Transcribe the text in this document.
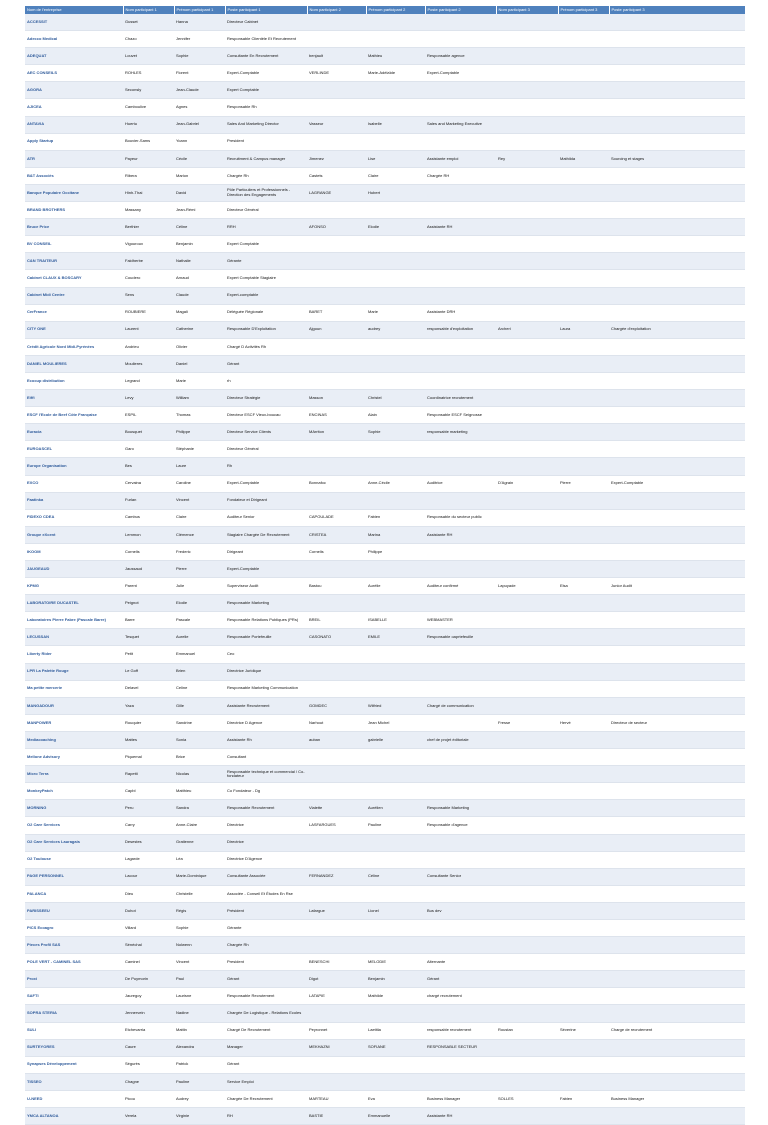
Nom de l'entreprise	Nom participant 1	Prénom participant 1	Poste participant 1	Nom participant 2	Prénom participant 2	Poste participant 2	Nom participant 3	Prénom participant 3	Poste participant 3
ACCESSIT	Gusset	Hanna	Directeur Cabinet						
Adecco Medical	Chazo	Jennifer	Responsable Clientèle Et Recrutement						
ADEQUAT	Louvet	Sophie	Consultante En Recrutement	benjault	Mathieu	Responsable agence			
AEC CONSEILS	ROHLES	Florent	Expert-Comptable	VERLINDE	Marie-Adélaïde	Expert-Comptable			
AGORA	Seconsly	Jean-Claude	Expert Comptable						
AJICEA	Camboulive	Agnes	Responsable Rh						
ANTAVIA	Huertu	Jean-Gabriel	Sales And Marketing Director	Vasseur	Isabelle	Sales and Marketing Executive			
Apply Startup	Bouvier-Sams	Yoann	President						
ATR	Payeur	Cécile	Recruitment & Campus manager	Jimenez	Lise	Assistante emploi	Rey	Mathilda	Sourcing et stages
B&T Associés	Ribera	Marion	Chargée Rh	Castets	Claire	Chargée RH			
Banque Populaire Occitane	Hinh-Thai	David	Pôle Particuliers et Professionnels - Direction des Engagements	LAGRANGE	Hubert				
BRAND BROTHERS	Massany	Jean-Rémi	Directeur Général						
Bruce Price	Berthier	Céline	RRH	AFONSO	Elodie	Assistante RH			
BV CONSEIL	Vigouroux	Benjamin	Expert Comptable						
C&N TRAITEUR	Faidherbe	Nathalie	Gérante						
Cabinet CLAUX & BOSCARY	Coudero	Arnaud	Expert Comptable Stagiaire						
Cabinet Midi Centre	Sens	Claude	Expert-comptable						
CerFrance	ROUBIERE	Magali	Déléguée Régionale	BARET	Marie	Assistante DRH			
CITY ONE	Laurent	Catherine	Responsable D'Exploitation	Ajgoun	audrey	responsable d'exploitation	Archeri	Laura	Chargée d'exploitation
Crédit Agricole Nord Midi-Pyrénées	Andrieu	Olivier	Chargé D Activités Rh						
DANIEL MOULIERES	Moulieres	Daniel	Gérant						
Ecocup distribution	Legrand	Marie	rh						
Eiffi	Levy	William	Directeur Stratégie	Masson	Christel	Coordinatrice recrutement			
ESCF l'Ecole de Beef Côte Française	ESPIL	Thomas	Directeur ESCF Vieux-boucau	ENCINAS	Alain	Responsable ESCF Seignosse			
Euracia	Bousquet	Philippe	Directeur Service Clients	MArriton	Sophie	responsable marketing			
EUROASCEL	Garo	Stéphanie	Directeur Général						
Europe Organisation	Bes	Laure	Rh						
EXCO	Cervaina	Caroline	Expert-Comptable	Bonnafoc	Anne-Cécile	Auditrice	D'Agrain	Pierre	Expert-Comptable
Faatinka	Furlan	Vincent	Fondateur et Dirigeant						
FIDEXO CDEA	Cambus	Claire	Auditeur Senior	CAPOULADE	Fabien	Responsable du secteur public			
Groupe eXcent	Lemmon	Clémence	Stagiaire Chargée De Recrutement	CRISTEA	Marina	Assistante RH			
IKOOM	Cornelis	Frederic	Dirigeant	Cornelis	Philippe				
JAUGEAUD	Jaussaud	Pierre	Expert-Comptable						
KPMG	Parent	Julie	Superviseur Audit	Bastou	Aurélie	Auditeur confirmé	Lapuyade	Elsa	Junior Audit
LABORATOIRE DUCASTEL	Peignot	Elodie	Responsable Marketing						
Laboratoires Pierre Fabre (Pascale Barre)	Barre	Pascale	Responsable Relations Publiques (PRs)	BREIL	ISABELLE	WEBMASTER			
LECUSSAN	Tesquet	Aurelie	Responsable Portefeuille	CASONATO	EMILE	Responsable oaprtefeuille			
Liberty Rider	Petit	Emmanuel	Ceo						
LPR La Palette Rouge	Le Goff	Brien	Directrice Juridique						
Ma petite mercerie	Delavel	Celine	Responsable Marketing Communication						
MANGADOUR	Yaza	Gille	Assistante Recrutement	GOMDEC	Wilfried	Chargé de communication			
MANPOWER	Rouquier	Sandrine	Directrice D Agence	Narhout	Jean Michel		Fresse	Hervé	Directeur de secteur
Mediacoaching	Mattes	Sonia	Assistante Rh	auban	gabrielle	chef de projet éditoriale			
Mellone Advisory	Piquemal	Brice	Consultant						
Micro Terra	Rapetti	Nicolas	Responsable technique et commercial / Co-fondateur						
MonkeyPatch	Capbl	Matthieu	Co Fondateur - Dg						
MORNING	Peru	Sandra	Responsable Recrutement	Vialette	Aurélien	Responsable Marketing			
O2 Care Services	Carry	Anne-Claire	Directrice	LASFARGUES	Pauline	Responsable d'agence			
O2 Care Services Lauragais	Desestes	Gratienne	Directrice						
O2 Toulouse	Lagarde	Léa	Directrice D'Agence						
PAGE PERSONNEL	Lacour	Marie-Dominique	Consultante Associée	FERNANDEZ	Céline	Consultante Senior			
PALANCA	Dieu	Christelle	Associée - Conseil Et Études En Rse						
PARISSEEU	Duhot	Régis	Président	Lafargue	Lionel	Bus dev			
PICS Ecoagro	Villard	Sophie	Gérante						
Pieces Profil SAS	Sénéchal	Nolwenn	Chargée Rh						
POLE VERT - CAMINEL SAS	Caminel	Vincent	President	BENESCHI	MELODIE	Alternante			
Proxi	De Puymorin	Paul	Gérant	Digot	Benjamin	Gérant			
SAFTI	Jauregoy	Laurisne	Responsable Recrutement	LATAPIE	Mathilde	chargé recrutement			
SOPRA STERIA	Jennervein	Nadine	Chargée De Logistique - Relations Ecoles						
SULI	Etchevarria	Mattin	Chargé De Recrutement	Peyronnet	Laetitia	responsable recrutement	Roustan	Séverine	Charge de recrutement
SURTEYORES	Caure	Alexandra	Manager	MEKHAZNI	SOFIANE	RESPONSABLE SECTEUR			
Synapses Développement	Ségurès	Patrick	Gérant						
TISSEO	Chagne	Pauline	Service Emploi						
U-NEED	Picou	Audrey	Chargée De Recrutement	MARTEAU	Eva	Business Manager	SOLLES	Fabien	Business Manager
YMCA ALTANOA	Verela	Virginie	RH	BASTIE	Emmanuelle	Assistante RH			
